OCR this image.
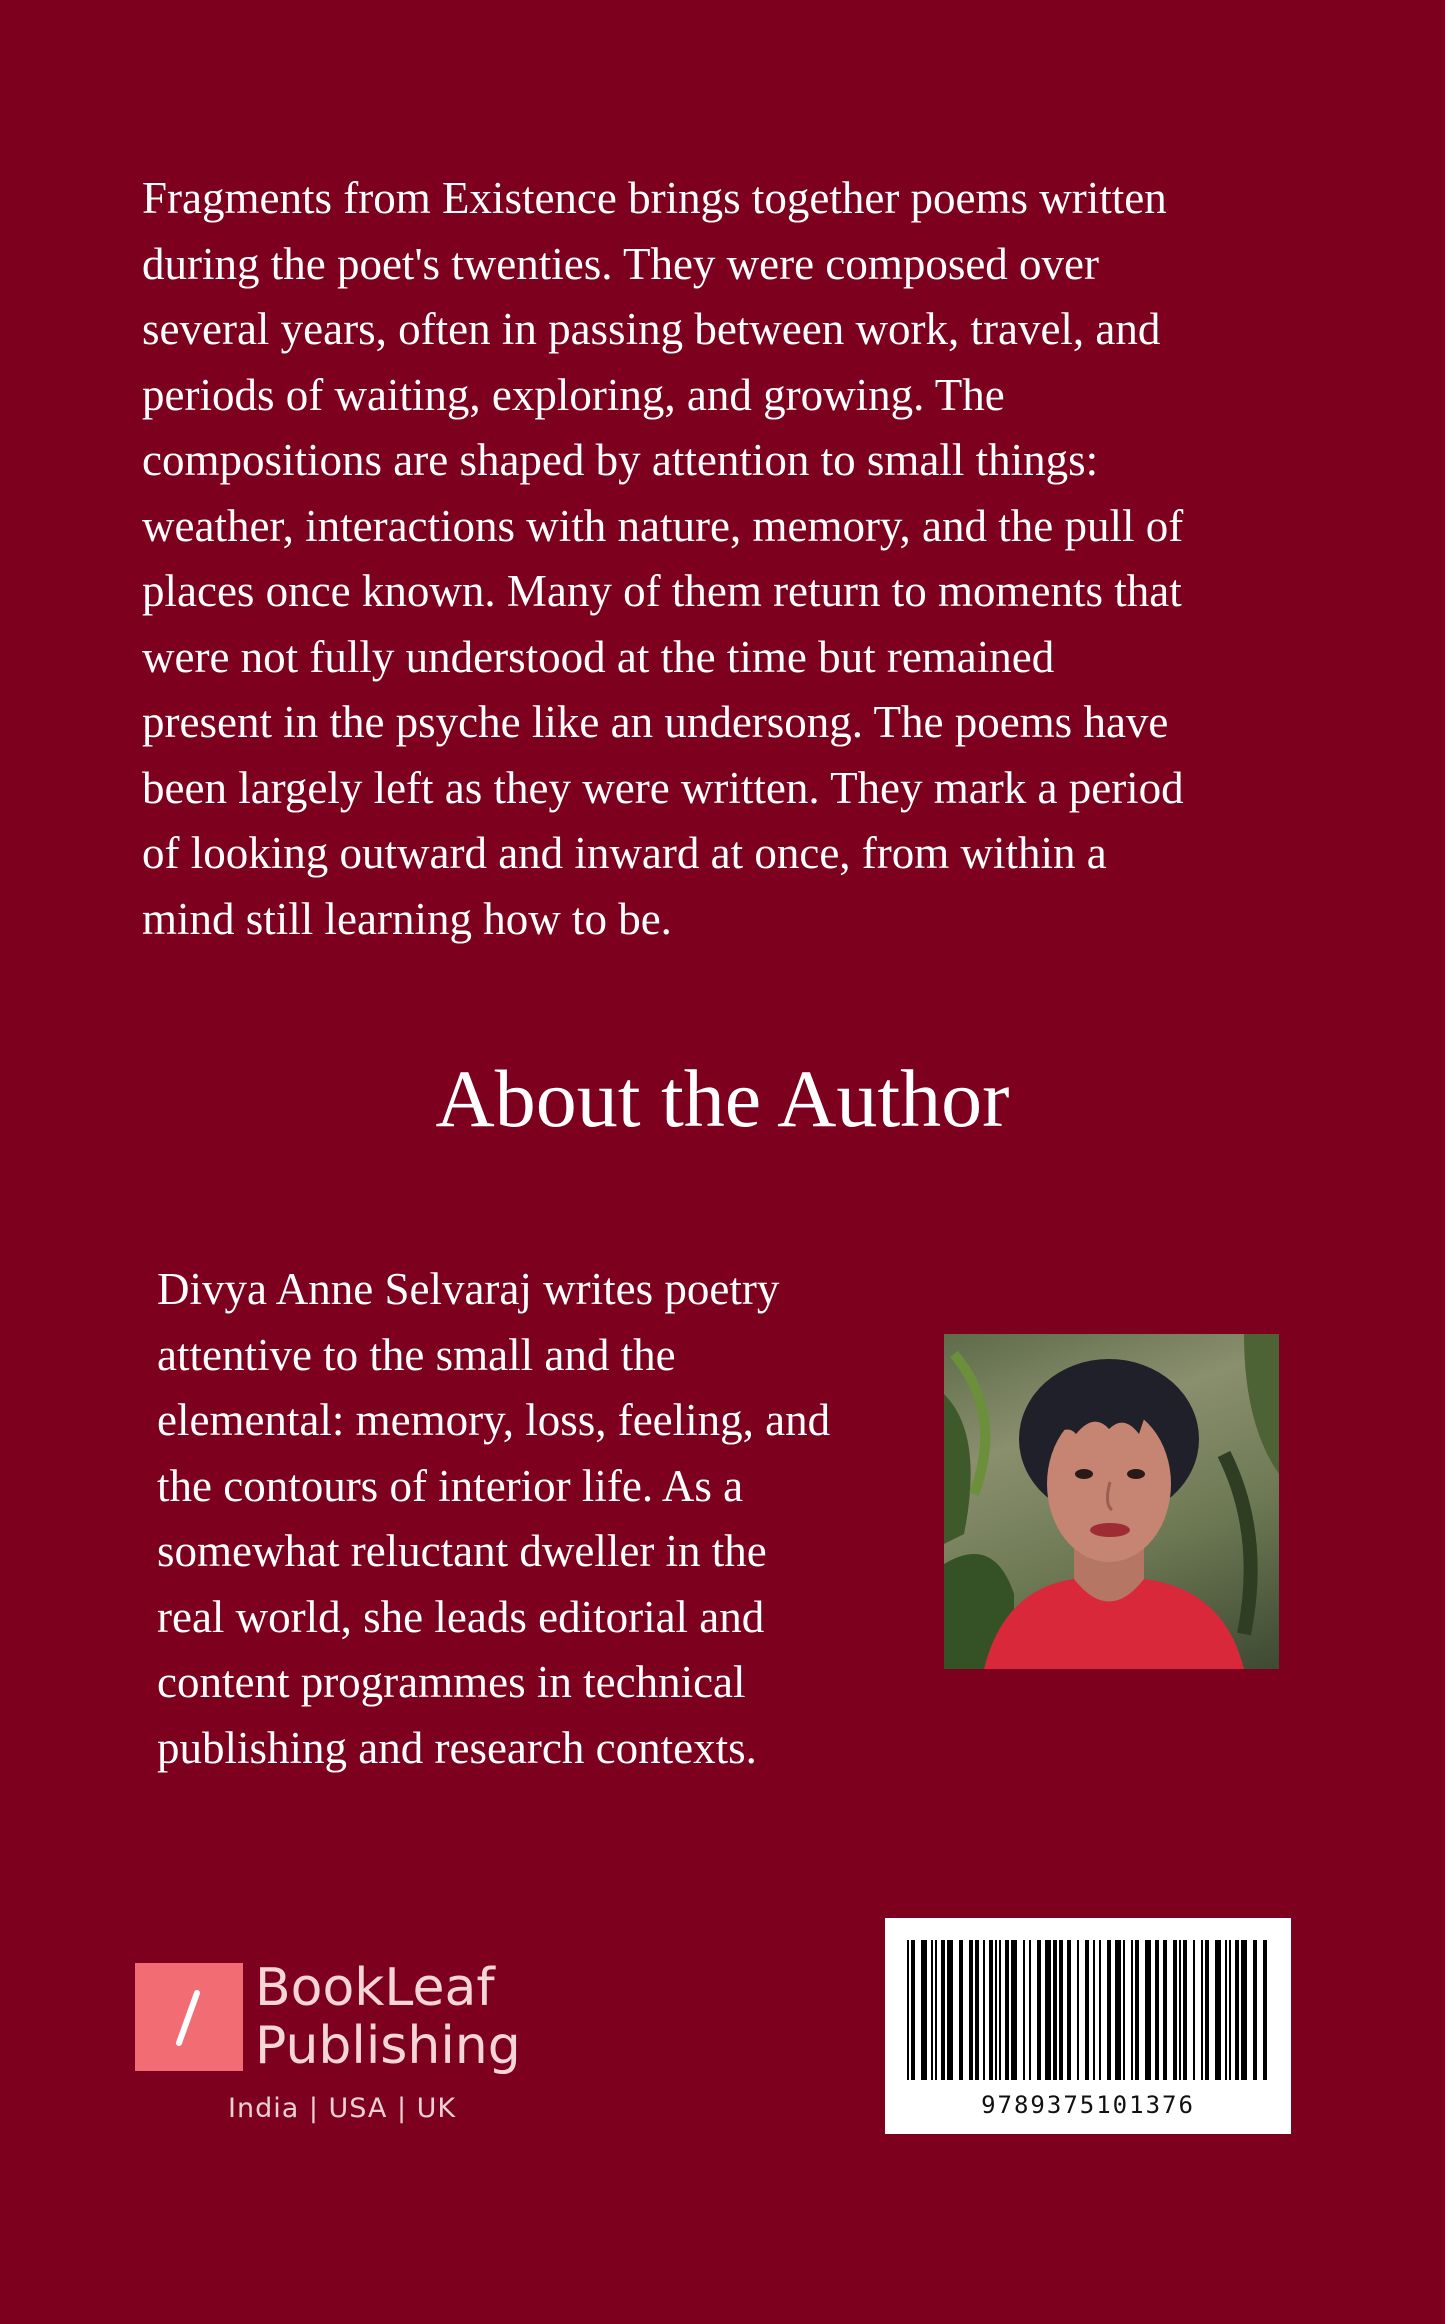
Fragments from Existence brings together poems written
during the poet's twenties. They were composed over
several years, often in passing between work, travel, and
periods of waiting, exploring, and growing. The
compositions are shaped by attention to small things:
weather, interactions with nature, memory, and the pull of
places once known. Many of them return to moments that
were not fully understood at the time but remained
present in the psyche like an undersong. The poems have
been largely left as they were written. They mark a period
of looking outward and inward at once, from within a
mind still learning how to be.

About the Author

Divya Anne Selvaraj writes poetry
attentive to the small and the
elemental: memory, loss, feeling, and
the contours of interior life. As a
somewhat reluctant dweller in the
real world, she leads editorial and
content programmes in technical
publishing and research contexts.

BookLeaf
Publishing
India | USA | UK	9789375101376
